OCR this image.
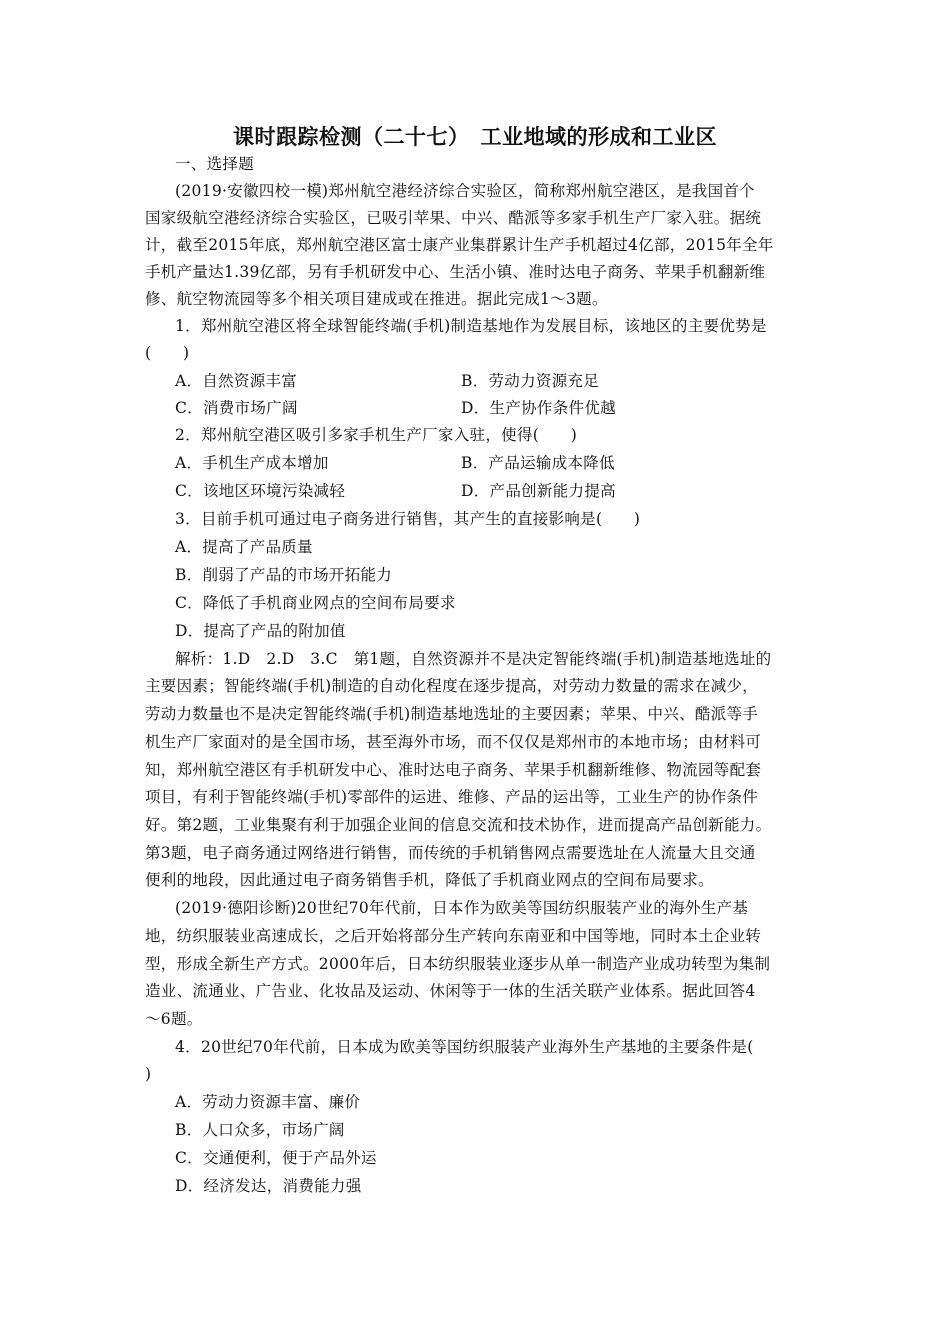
课时跟踪检测（二十七）　工业地域的形成和工业区
一、选择题
(2019·安徽四校一模)郑州航空港经济综合实验区，简称郑州航空港区，是我国首个
国家级航空港经济综合实验区，已吸引苹果、中兴、酷派等多家手机生产厂家入驻。据统
计，截至2015年底，郑州航空港区富士康产业集群累计生产手机超过4亿部，2015年全年
手机产量达1.39亿部，另有手机研发中心、生活小镇、准时达电子商务、苹果手机翻新维
修、航空物流园等多个相关项目建成或在推进。据此完成1～3题。
1．郑州航空港区将全球智能终端(手机)制造基地作为发展目标，该地区的主要优势是
(　　)
A．自然资源丰富	B．劳动力资源充足
C．消费市场广阔	D．生产协作条件优越
2．郑州航空港区吸引多家手机生产厂家入驻，使得(　　)
A．手机生产成本增加	B．产品运输成本降低
C．该地区环境污染减轻	D．产品创新能力提高
3．目前手机可通过电子商务进行销售，其产生的直接影响是(　　)
A．提高了产品质量
B．削弱了产品的市场开拓能力
C．降低了手机商业网点的空间布局要求
D．提高了产品的附加值
解析：1.D　2.D　3.C　第1题，自然资源并不是决定智能终端(手机)制造基地选址的
主要因素；智能终端(手机)制造的自动化程度在逐步提高，对劳动力数量的需求在减少，
劳动力数量也不是决定智能终端(手机)制造基地选址的主要因素；苹果、中兴、酷派等手
机生产厂家面对的是全国市场，甚至海外市场，而不仅仅是郑州市的本地市场；由材料可
知，郑州航空港区有手机研发中心、准时达电子商务、苹果手机翻新维修、物流园等配套
项目，有利于智能终端(手机)零部件的运进、维修、产品的运出等，工业生产的协作条件
好。第2题，工业集聚有利于加强企业间的信息交流和技术协作，进而提高产品创新能力。
第3题，电子商务通过网络进行销售，而传统的手机销售网点需要选址在人流量大且交通
便利的地段，因此通过电子商务销售手机，降低了手机商业网点的空间布局要求。
(2019·德阳诊断)20世纪70年代前，日本作为欧美等国纺织服装产业的海外生产基
地，纺织服装业高速成长，之后开始将部分生产转向东南亚和中国等地，同时本土企业转
型，形成全新生产方式。2000年后，日本纺织服装业逐步从单一制造产业成功转型为集制
造业、流通业、广告业、化妆品及运动、休闲等于一体的生活关联产业体系。据此回答4
～6题。
4．20世纪70年代前，日本成为欧美等国纺织服装产业海外生产基地的主要条件是(
)
A．劳动力资源丰富、廉价
B．人口众多，市场广阔
C．交通便利，便于产品外运
D．经济发达，消费能力强
